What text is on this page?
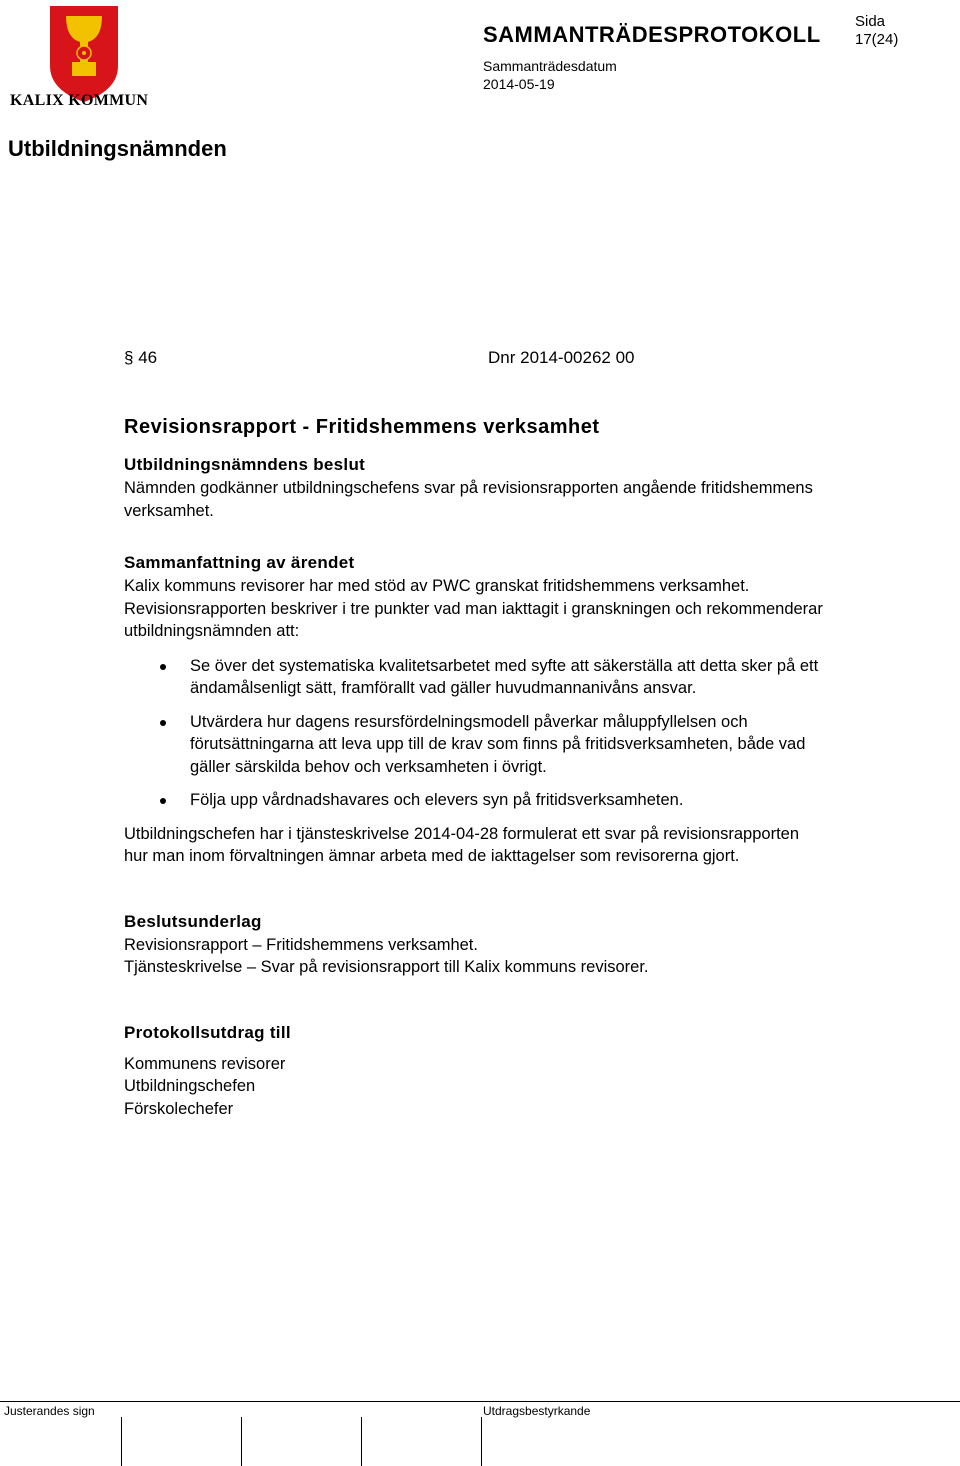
KALIX KOMMUN
SAMMANTRÄDESPROTOKOLL
Sida
17(24)
Sammanträdesdatum
2014-05-19
Utbildningsnämnden
§ 46	Dnr 2014-00262 00
Revisionsrapport - Fritidshemmens verksamhet
Utbildningsnämndens beslut

Nämnden godkänner utbildningschefens svar på revisionsrapporten angående fritidshemmens verksamhet.

Sammanfattning av ärendet

Kalix kommuns revisorer har med stöd av PWC granskat fritidshemmens verksamhet. Revisionsrapporten beskriver i tre punkter vad man iakttagit i granskningen och rekommenderar utbildningsnämnden att:

Se över det systematiska kvalitetsarbetet med syfte att säkerställa att detta sker på ett ändamålsenligt sätt, framförallt vad gäller huvudmannanivåns ansvar.
Utvärdera hur dagens resursfördelningsmodell påverkar måluppfyllelsen och förutsättningarna att leva upp till de krav som finns på fritidsverksamheten, både vad gäller särskilda behov och verksamheten i övrigt.
Följa upp vårdnadshavares och elevers syn på fritidsverksamheten.

Utbildningschefen har i tjänsteskrivelse 2014-04-28 formulerat ett svar på revisionsrapporten hur man inom förvaltningen ämnar arbeta med de iakttagelser som revisorerna gjort.

Beslutsunderlag

Revisionsrapport – Fritidshemmens verksamhet.

Tjänsteskrivelse – Svar på revisionsrapport till Kalix kommuns revisorer.

Protokollsutdrag till

Kommunens revisorer

Utbildningschefen

Förskolechefer

Justerandes sign	Utdragsbestyrkande
